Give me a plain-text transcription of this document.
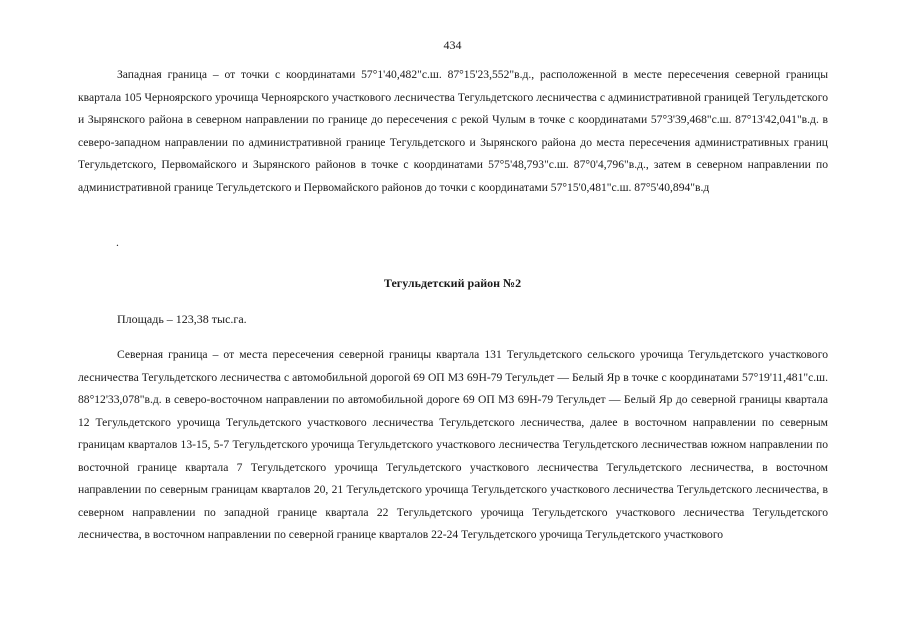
434

Западная граница – от точки с координатами 57°1'40,482"с.ш. 87°15'23,552"в.д., расположенной в месте пересечения северной границы квартала 105 Черноярского урочища Черноярского участкового лесничества Тегульдетского лесничества с административной границей Тегульдетского и Зырянского района в северном направлении по границе до пересечения с рекой Чулым в точке с координатами 57°3'39,468"с.ш. 87°13'42,041"в.д. в северо-западном направлении по административной границе Тегульдетского и Зырянского района до места пересечения административных границ Тегульдетского, Первомайского и Зырянского районов в точке с координатами 57°5'48,793"с.ш. 87°0'4,796"в.д., затем в северном направлении по административной границе Тегульдетского и Первомайского районов до точки с координатами 57°15'0,481"с.ш. 87°5'40,894"в.д

.
Тегульдетский район №2
Площадь – 123,38 тыс.га.

Северная граница – от места пересечения северной границы квартала 131 Тегульдетского сельского урочища Тегульдетского участкового лесничества Тегульдетского лесничества с автомобильной дорогой 69 ОП МЗ 69Н-79 Тегульдет — Белый Яр в точке с координатами 57°19'11,481"с.ш. 88°12'33,078"в.д. в северо-восточном направлении по автомобильной дороге 69 ОП МЗ 69Н-79 Тегульдет — Белый Яр до северной границы квартала 12 Тегульдетского урочища Тегульдетского участкового лесничества Тегульдетского лесничества, далее в восточном направлении по северным границам кварталов 13-15, 5-7 Тегульдетского урочища Тегульдетского участкового лесничества Тегульдетского лесничествав южном направлении по восточной границе квартала 7 Тегульдетского урочища Тегульдетского участкового лесничества Тегульдетского лесничества, в восточном направлении по северным границам кварталов 20, 21 Тегульдетского урочища Тегульдетского участкового лесничества Тегульдетского лесничества, в северном направлении по западной границе квартала 22 Тегульдетского урочища Тегульдетского участкового лесничества Тегульдетского лесничества, в восточном направлении по северной границе кварталов 22-24 Тегульдетского урочища Тегульдетского участкового
